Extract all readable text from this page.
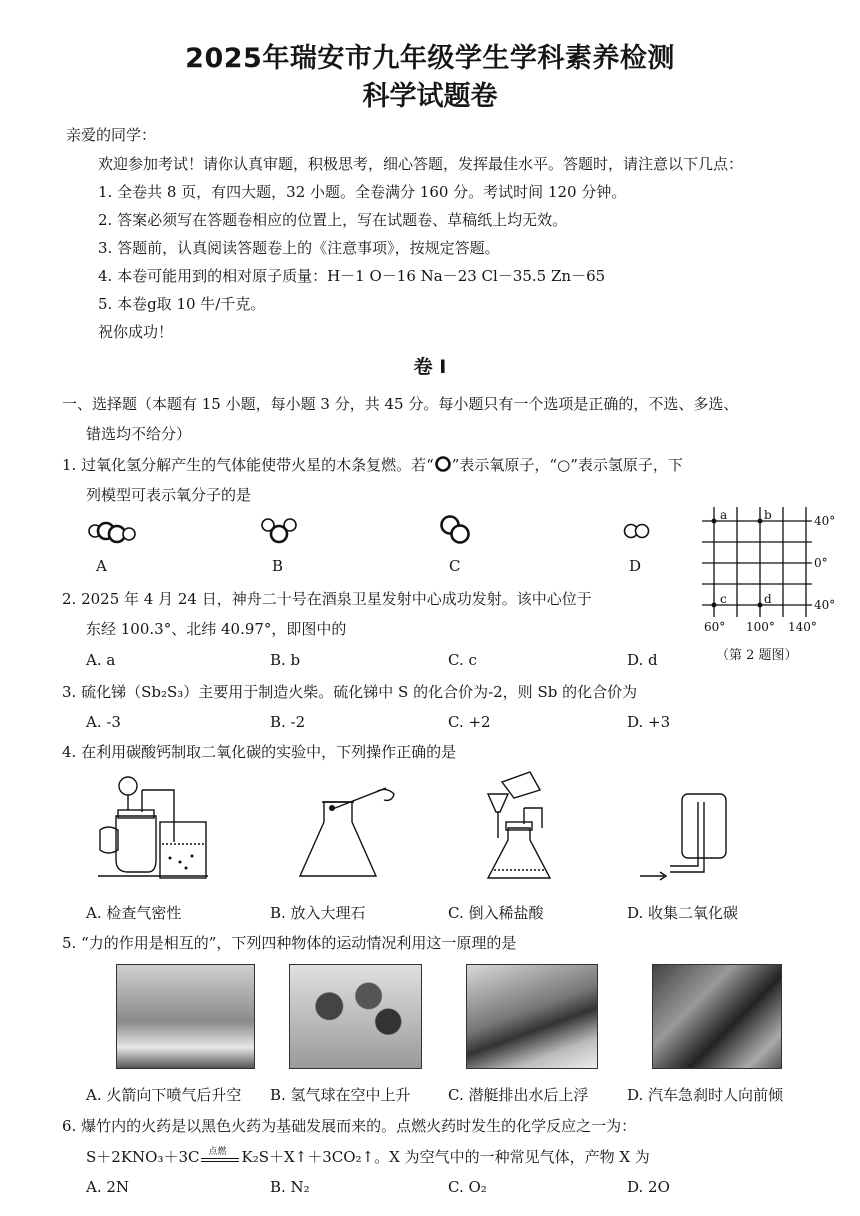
2025年瑞安市九年级学生学科素养检测
科学试题卷
亲爱的同学：
欢迎参加考试！请你认真审题，积极思考，细心答题，发挥最佳水平。答题时，请注意以下几点：
1. 全卷共 8 页，有四大题，32 小题。全卷满分 160 分。考试时间 120 分钟。
2. 答案必须写在答题卷相应的位置上，写在试题卷、草稿纸上均无效。
3. 答题前，认真阅读答题卷上的《注意事项》，按规定答题。
4. 本卷可能用到的相对原子质量：H－1 O－16 Na－23 Cl－35.5 Zn－65
5. 本卷g取 10 牛/千克。
祝你成功！
卷 I
一、选择题（本题有 15 小题，每小题 3 分，共 45 分。每小题只有一个选项是正确的，不选、多选、
错选均不给分）
1. 过氧化氢分解产生的气体能使带火星的木条复燃。若“ ”表示氧原子，“○”表示氢原子，下
列模型可表示氧分子的是
A	B	C	D
a	b
c	d
40°
0°
40°
60° 100° 140°
（第 2 题图）
2. 2025 年 4 月 24 日，神舟二十号在酒泉卫星发射中心成功发射。该中心位于
东经 100.3°、北纬 40.97°，即图中的
A. a	B. b	C. c	D. d
3. 硫化锑（Sb₂S₃）主要用于制造火柴。硫化锑中 S 的化合价为-2，则 Sb 的化合价为
A. -3	B. -2	C. +2	D. +3
4. 在利用碳酸钙制取二氧化碳的实验中，下列操作正确的是
A. 检查气密性	B. 放入大理石	C. 倒入稀盐酸	D. 收集二氧化碳
5. “力的作用是相互的”，下列四种物体的运动情况利用这一原理的是
A. 火箭向下喷气后升空 B. 氢气球在空中上升 C. 潜艇排出水后上浮	D. 汽车急刹时人向前倾
6. 爆竹内的火药是以黑色火药为基础发展而来的。点燃火药时发生的化学反应之一为：
S＋2KNO₃＋3C 点燃 K₂S＋X↑＋3CO₂↑。X 为空气中的一种常见气体，产物 X 为
A. 2N	B. N₂	C. O₂	D. 2O
